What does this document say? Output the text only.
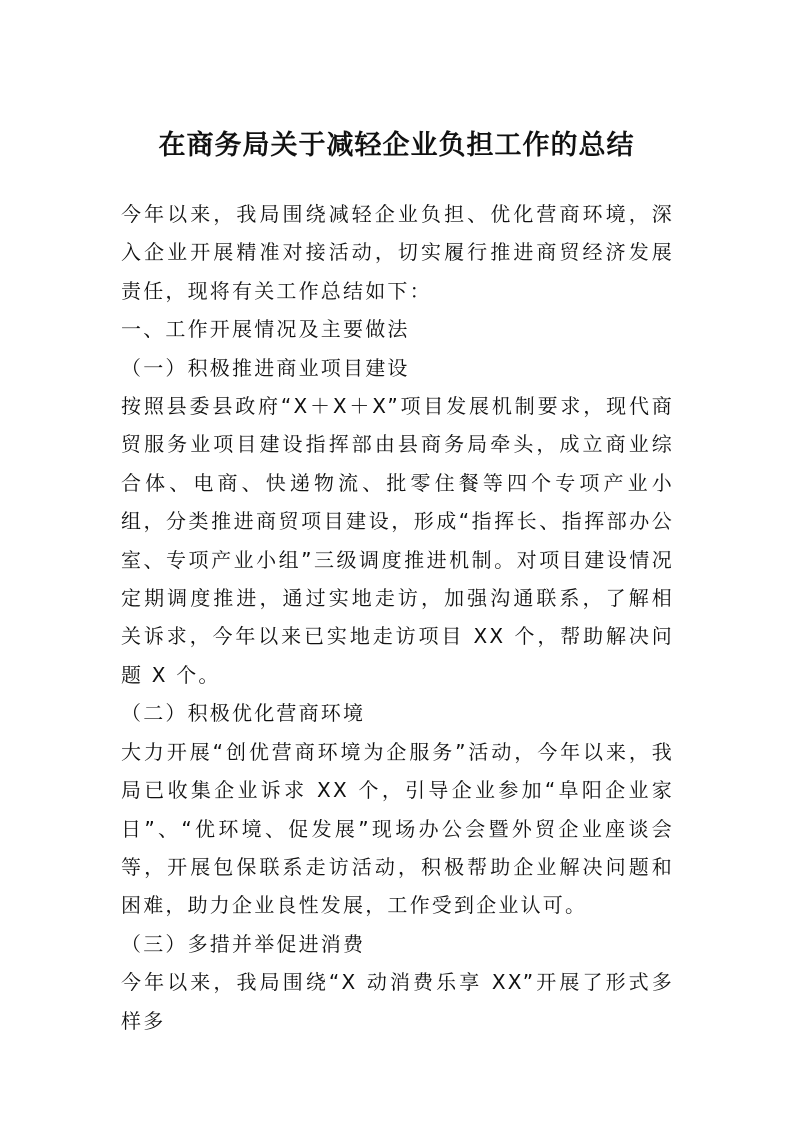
在商务局关于减轻企业负担工作的总结

今年以来，我局围绕减轻企业负担、优化营商环境，深入企业开展精准对接活动，切实履行推进商贸经济发展责任，现将有关工作总结如下：

一、工作开展情况及主要做法

（一）积极推进商业项目建设

按照县委县政府“X＋X＋X”项目发展机制要求，现代商贸服务业项目建设指挥部由县商务局牵头，成立商业综合体、电商、快递物流、批零住餐等四个专项产业小组，分类推进商贸项目建设，形成“指挥长、指挥部办公室、专项产业小组”三级调度推进机制。对项目建设情况定期调度推进，通过实地走访，加强沟通联系，了解相关诉求，今年以来已实地走访项目 XX 个，帮助解决问题 X 个。

（二）积极优化营商环境

大力开展“创优营商环境为企服务”活动，今年以来，我局已收集企业诉求 XX 个，引导企业参加“阜阳企业家日”、“优环境、促发展”现场办公会暨外贸企业座谈会等，开展包保联系走访活动，积极帮助企业解决问题和困难，助力企业良性发展，工作受到企业认可。

（三）多措并举促进消费

今年以来，我局围绕“X 动消费乐享 XX”开展了形式多样多
